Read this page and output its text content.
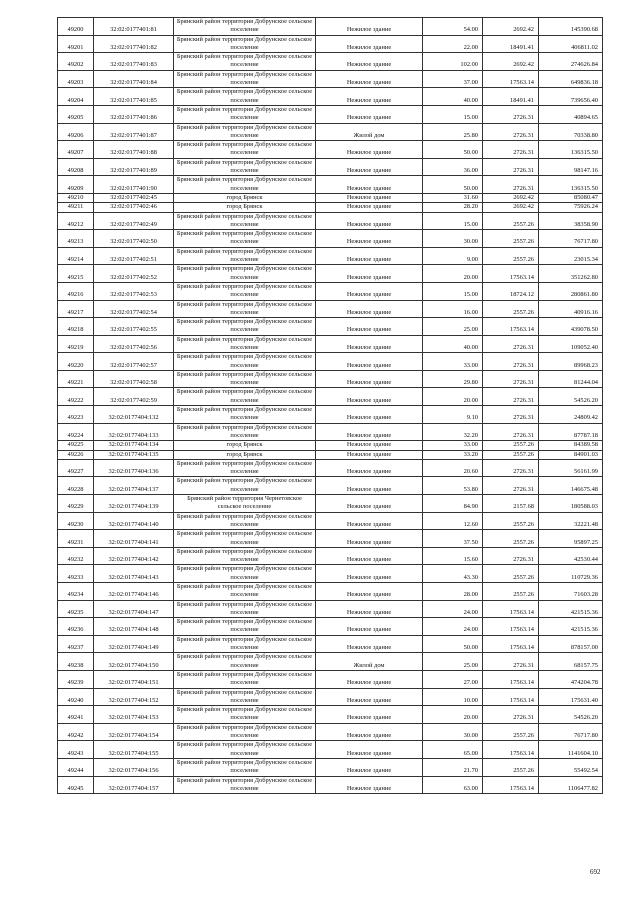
49200	32:02:0177401:81	Брянский район территория Добрунское сельское поселение	Нежилое здание	54.00	2692.42	145390.68
49201	32:02:0177401:82	Брянский район территория Добрунское сельское поселение	Нежилое здание	22.00	18491.41	406811.02
49202	32:02:0177401:83	Брянский район территория Добрунское сельское поселение	Нежилое здание	102.00	2692.42	274626.84
49203	32:02:0177401:84	Брянский район территория Добрунское сельское поселение	Нежилое здание	37.00	17563.14	649836.18
49204	32:02:0177401:85	Брянский район территория Добрунское сельское поселение	Нежилое здание	40.00	18491.41	739656.40
49205	32:02:0177401:86	Брянский район территория Добрунское сельское поселение	Нежилое здание	15.00	2726.31	40894.65
49206	32:02:0177401:87	Брянский район территория Добрунское сельское поселение	Жилой дом	25.80	2726.31	70338.80
49207	32:02:0177401:88	Брянский район территория Добрунское сельское поселение	Нежилое здание	50.00	2726.31	136315.50
49208	32:02:0177401:89	Брянский район территория Добрунское сельское поселение	Нежилое здание	36.00	2726.31	98147.16
49209	32:02:0177401:90	Брянский район территория Добрунское сельское поселение	Нежилое здание	50.00	2726.31	136315.50
49210	32:02:0177402:45	город Брянск	Нежилое здание	31.60	2692.42	85080.47
49211	32:02:0177402:46	город Брянск	Нежилое здание	28.20	2692.42	75926.24
49212	32:02:0177402:49	Брянский район территория Добрунское сельское поселение	Нежилое здание	15.00	2557.26	38358.90
49213	32:02:0177402:50	Брянский район территория Добрунское сельское поселение	Нежилое здание	30.00	2557.26	76717.80
49214	32:02:0177402:51	Брянский район территория Добрунское сельское поселение	Нежилое здание	9.00	2557.26	23015.34
49215	32:02:0177402:52	Брянский район территория Добрунское сельское поселение	Нежилое здание	20.00	17563.14	351262.80
49216	32:02:0177402:53	Брянский район территория Добрунское сельское поселение	Нежилое здание	15.00	18724.12	280861.80
49217	32:02:0177402:54	Брянский район территория Добрунское сельское поселение	Нежилое здание	16.00	2557.26	40916.16
49218	32:02:0177402:55	Брянский район территория Добрунское сельское поселение	Нежилое здание	25.00	17563.14	439078.50
49219	32:02:0177402:56	Брянский район территория Добрунское сельское поселение	Нежилое здание	40.00	2726.31	109052.40
49220	32:02:0177402:57	Брянский район территория Добрунское сельское поселение	Нежилое здание	33.00	2726.31	89968.23
49221	32:02:0177402:58	Брянский район территория Добрунское сельское поселение	Нежилое здание	29.80	2726.31	81244.04
49222	32:02:0177402:59	Брянский район территория Добрунское сельское поселение	Нежилое здание	20.00	2726.31	54526.20
49223	32:02:0177404:132	Брянский район территория Добрунское сельское поселение	Нежилое здание	9.10	2726.31	24809.42
49224	32:02:0177404:133	Брянский район территория Добрунское сельское поселение	Нежилое здание	32.20	2726.31	87787.18
49225	32:02:0177404:134	город Брянск	Нежилое здание	33.00	2557.26	84389.58
49226	32:02:0177404:135	город Брянск	Нежилое здание	33.20	2557.26	84901.03
49227	32:02:0177404:136	Брянский район территория Добрунское сельское поселение	Нежилое здание	20.60	2726.31	56161.99
49228	32:02:0177404:137	Брянский район территория Добрунское сельское поселение	Нежилое здание	53.80	2726.31	146675.48
49229	32:02:0177404:139	Брянский район территория Чернетовское сельское поселение	Нежилое здание	84.90	2157.68	180588.03
49230	32:02:0177404:140	Брянский район территория Добрунское сельское поселение	Нежилое здание	12.60	2557.26	32221.48
49231	32:02:0177404:141	Брянский район территория Добрунское сельское поселение	Нежилое здание	37.50	2557.26	95897.25
49232	32:02:0177404:142	Брянский район территория Добрунское сельское поселение	Нежилое здание	15.60	2726.31	42530.44
49233	32:02:0177404:143	Брянский район территория Добрунское сельское поселение	Нежилое здание	43.30	2557.26	110729.36
49234	32:02:0177404:146	Брянский район территория Добрунское сельское поселение	Нежилое здание	28.00	2557.26	71603.28
49235	32:02:0177404:147	Брянский район территория Добрунское сельское поселение	Нежилое здание	24.00	17563.14	421515.36
49236	32:02:0177404:148	Брянский район территория Добрунское сельское поселение	Нежилое здание	24.00	17563.14	421515.36
49237	32:02:0177404:149	Брянский район территория Добрунское сельское поселение	Нежилое здание	50.00	17563.14	878157.00
49238	32:02:0177404:150	Брянский район территория Добрунское сельское поселение	Жилой дом	25.00	2726.31	68157.75
49239	32:02:0177404:151	Брянский район территория Добрунское сельское поселение	Нежилое здание	27.00	17563.14	474204.78
49240	32:02:0177404:152	Брянский район территория Добрунское сельское поселение	Нежилое здание	10.00	17563.14	175631.40
49241	32:02:0177404:153	Брянский район территория Добрунское сельское поселение	Нежилое здание	20.00	2726.31	54526.20
49242	32:02:0177404:154	Брянский район территория Добрунское сельское поселение	Нежилое здание	30.00	2557.26	76717.80
49243	32:02:0177404:155	Брянский район территория Добрунское сельское поселение	Нежилое здание	65.00	17563.14	1141604.10
49244	32:02:0177404:156	Брянский район территория Добрунское сельское поселение	Нежилое здание	21.70	2557.26	55492.54
49245	32:02:0177404:157	Брянский район территория Добрунское сельское поселение	Нежилое здание	63.00	17563.14	1106477.82
692
